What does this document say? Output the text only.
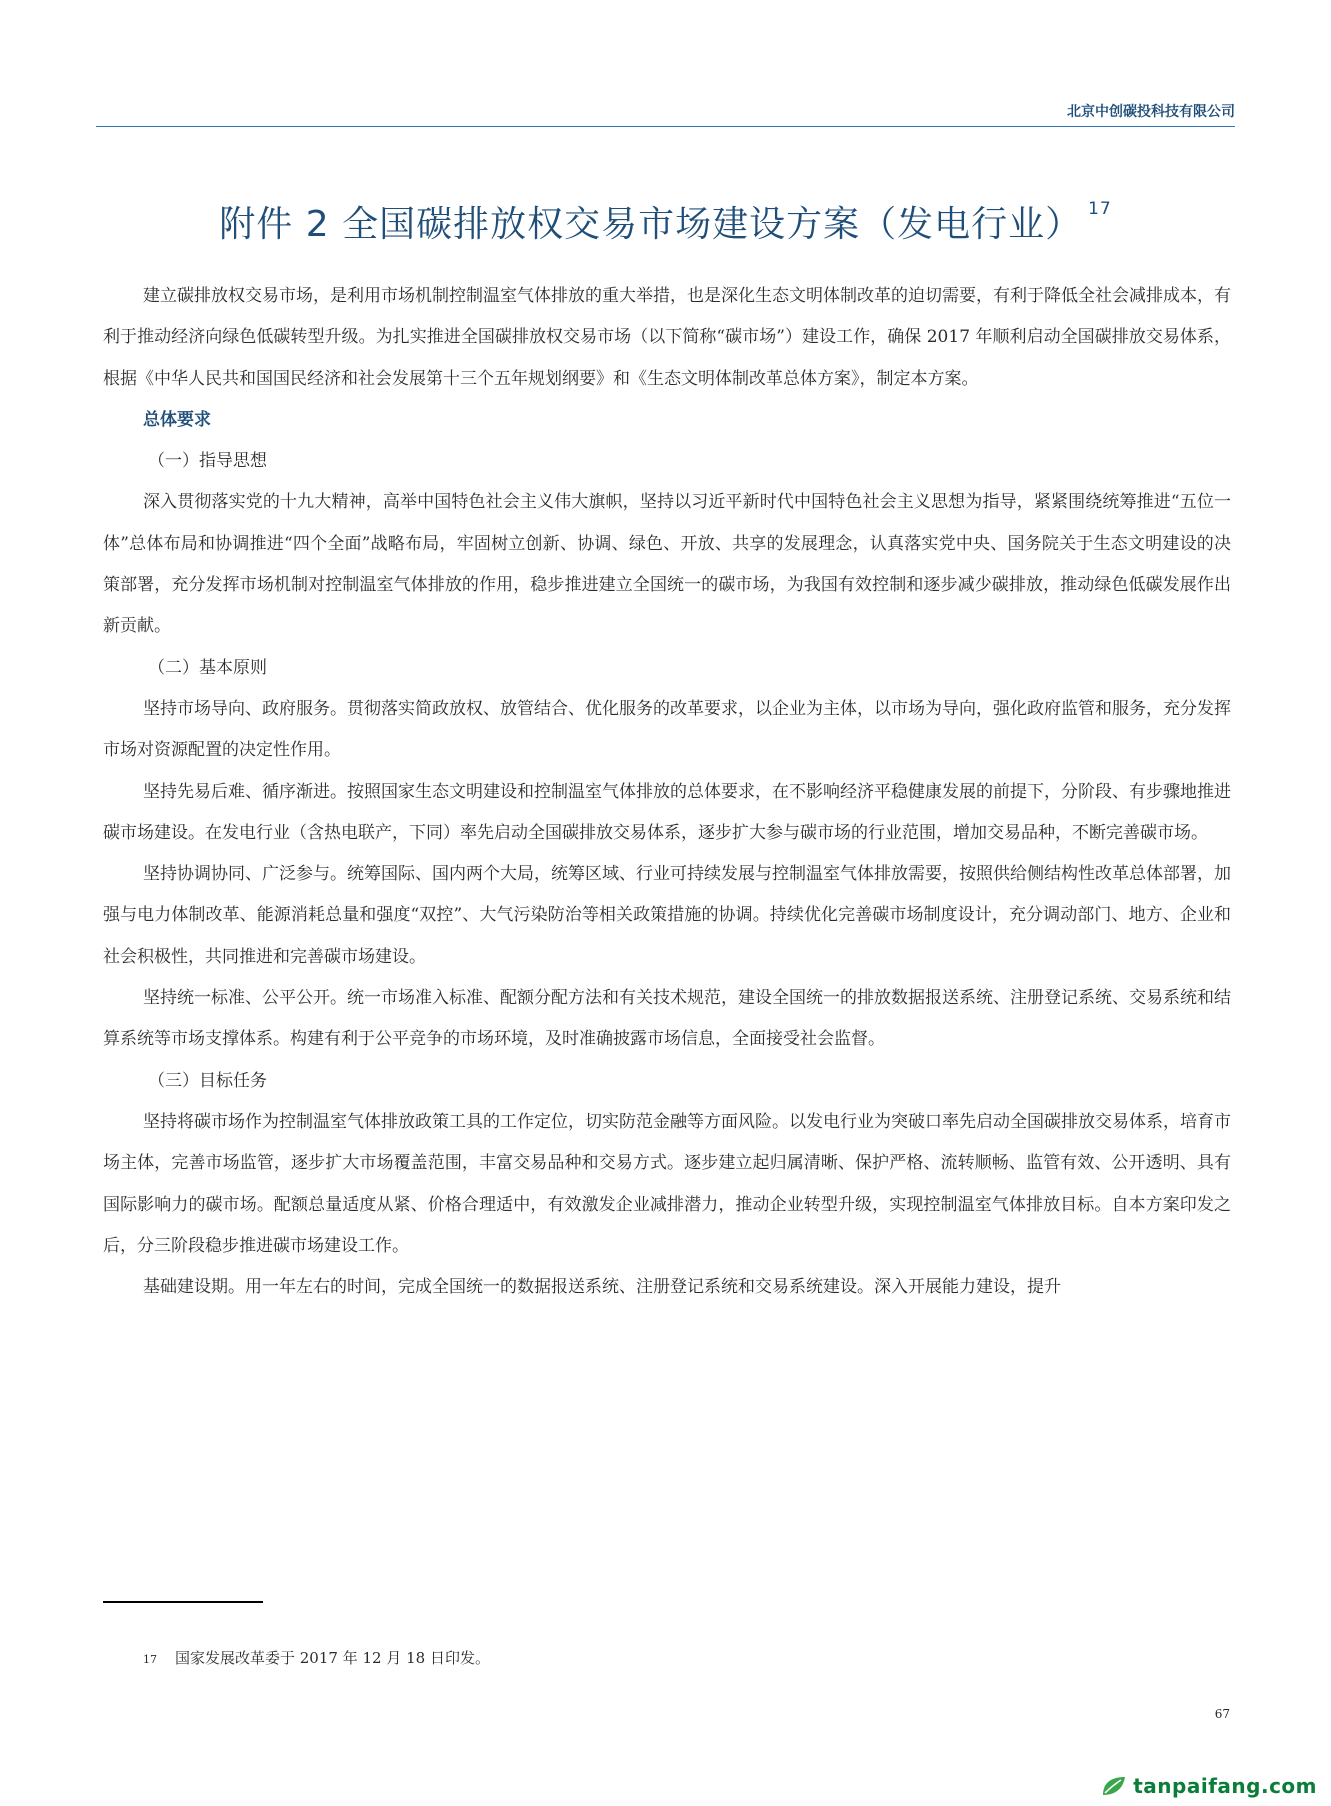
北京中创碳投科技有限公司
附件 2 全国碳排放权交易市场建设方案（发电行业） $^{17}$

建立碳排放权交易市场，是利用市场机制控制温室气体排放的重大举措，也是深化生态文明体制改革的迫切需要，有利于降低全社会减排成本，有利于推动经济向绿色低碳转型升级。为扎实推进全国碳排放权交易市场（以下简称“碳市场”）建设工作，确保 2017 年顺利启动全国碳排放交易体系，根据《中华人民共和国国民经济和社会发展第十三个五年规划纲要》和《生态文明体制改革总体方案》，制定本方案。

总体要求

（一）指导思想

深入贯彻落实党的十九大精神，高举中国特色社会主义伟大旗帜，坚持以习近平新时代中国特色社会主义思想为指导，紧紧围绕统筹推进“五位一体”总体布局和协调推进“四个全面”战略布局，牢固树立创新、协调、绿色、开放、共享的发展理念，认真落实党中央、国务院关于生态文明建设的决策部署，充分发挥市场机制对控制温室气体排放的作用，稳步推进建立全国统一的碳市场，为我国有效控制和逐步减少碳排放，推动绿色低碳发展作出新贡献。

（二）基本原则

坚持市场导向、政府服务。贯彻落实简政放权、放管结合、优化服务的改革要求，以企业为主体，以市场为导向，强化政府监管和服务，充分发挥市场对资源配置的决定性作用。

坚持先易后难、循序渐进。按照国家生态文明建设和控制温室气体排放的总体要求，在不影响经济平稳健康发展的前提下，分阶段、有步骤地推进碳市场建设。在发电行业（含热电联产，下同）率先启动全国碳排放交易体系，逐步扩大参与碳市场的行业范围，增加交易品种，不断完善碳市场。

坚持协调协同、广泛参与。统筹国际、国内两个大局，统筹区域、行业可持续发展与控制温室气体排放需要，按照供给侧结构性改革总体部署，加强与电力体制改革、能源消耗总量和强度“双控”、大气污染防治等相关政策措施的协调。持续优化完善碳市场制度设计，充分调动部门、地方、企业和社会积极性，共同推进和完善碳市场建设。

坚持统一标准、公平公开。统一市场准入标准、配额分配方法和有关技术规范，建设全国统一的排放数据报送系统、注册登记系统、交易系统和结算系统等市场支撑体系。构建有利于公平竞争的市场环境，及时准确披露市场信息，全面接受社会监督。

（三）目标任务

坚持将碳市场作为控制温室气体排放政策工具的工作定位，切实防范金融等方面风险。以发电行业为突破口率先启动全国碳排放交易体系，培育市场主体，完善市场监管，逐步扩大市场覆盖范围，丰富交易品种和交易方式。逐步建立起归属清晰、保护严格、流转顺畅、监管有效、公开透明、具有国际影响力的碳市场。配额总量适度从紧、价格合理适中，有效激发企业减排潜力，推动企业转型升级，实现控制温室气体排放目标。自本方案印发之后，分三阶段稳步推进碳市场建设工作。

基础建设期。用一年左右的时间，完成全国统一的数据报送系统、注册登记系统和交易系统建设。深入开展能力建设，提升

17 国家发展改革委于 2017 年 12 月 18 日印发。
67
tanpaifang.com
